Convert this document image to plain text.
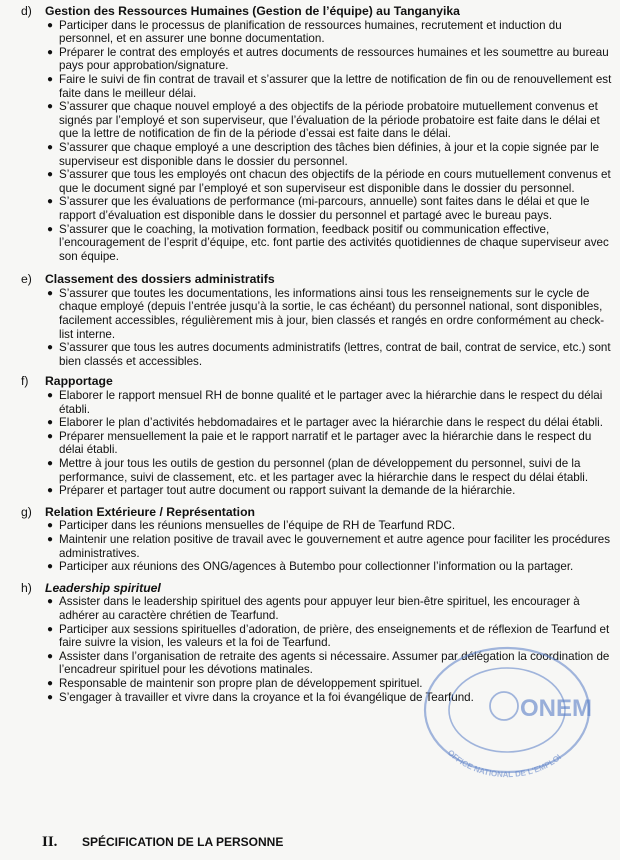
d)	Gestion des Ressources Humaines (Gestion de l’équipe) au Tanganyika
● Participer dans le processus de planification de ressources humaines, recrutement et induction du personnel, et en assurer une bonne documentation.
● Préparer le contrat des employés et autres documents de ressources humaines et les soumettre au bureau pays pour approbation/signature.
● Faire le suivi de fin contrat de travail et s’assurer que la lettre de notification de fin ou de renouvellement est faite dans le meilleur délai.
● S’assurer que chaque nouvel employé a des objectifs de la période probatoire mutuellement convenus et signés par l’employé et son superviseur, que l’évaluation de la période probatoire est faite dans le délai et que la lettre de notification de fin de la période d’essai est faite dans le délai.
● S’assurer que chaque employé a une description des tâches bien définies, à jour et la copie signée par le superviseur est disponible dans le dossier du personnel.
● S’assurer que tous les employés ont chacun des objectifs de la période en cours mutuellement convenus et que le document signé par l’employé et son superviseur est disponible dans le dossier du personnel.
● S’assurer que les évaluations de performance (mi-parcours, annuelle) sont faites dans le délai et que le rapport d’évaluation est disponible dans le dossier du personnel et partagé avec le bureau pays.
● S’assurer que le coaching, la motivation formation, feedback positif ou communication effective, l’encouragement de l’esprit d’équipe, etc. font partie des activités quotidiennes de chaque superviseur avec son équipe.
e)	Classement des dossiers administratifs
● S’assurer que toutes les documentations, les informations ainsi tous les renseignements sur le cycle de chaque employé (depuis l’entrée jusqu’à la sortie, le cas échéant) du personnel national, sont disponibles, facilement accessibles, régulièrement mis à jour, bien classés et rangés en ordre conformément au check-list interne.
● S’assurer que tous les autres documents administratifs (lettres, contrat de bail, contrat de service, etc.) sont bien classés et accessibles.
f)	Rapportage
● Elaborer le rapport mensuel RH de bonne qualité et le partager avec la hiérarchie dans le respect du délai établi.
● Elaborer le plan d’activités hebdomadaires et le partager avec la hiérarchie dans le respect du délai établi.
● Préparer mensuellement la paie et le rapport narratif et le partager avec la hiérarchie dans le respect du délai établi.
● Mettre à jour tous les outils de gestion du personnel (plan de développement du personnel, suivi de la performance, suivi de classement, etc. et les partager avec la hiérarchie dans le respect du délai établi.
● Préparer et partager tout autre document ou rapport suivant la demande de la hiérarchie.
g)	Relation Extérieure / Représentation
● Participer dans les réunions mensuelles de l’équipe de RH de Tearfund RDC.
● Maintenir une relation positive de travail avec le gouvernement et autre agence pour faciliter les procédures administratives.
● Participer aux réunions des ONG/agences à Butembo pour collectionner l’information ou la partager.
h)	Leadership spirituel
● Assister dans le leadership spirituel des agents pour appuyer leur bien-être spirituel, les encourager à adhérer au caractère chrétien de Tearfund.
● Participer aux sessions spirituelles d’adoration, de prière, des enseignements et de réflexion de Tearfund et faire suivre la vision, les valeurs et la foi de Tearfund.
● Assister dans l’organisation de retraite des agents si nécessaire. Assumer par délégation la coordination de l’encadreur spirituel pour les dévotions matinales.
● Responsable de maintenir son propre plan de développement spirituel.
● S’engager à travailler et vivre dans la croyance et la foi évangélique de Tearfund.
II.	SPÉCIFICATION DE LA PERSONNE
ONEM
OFFICE NATIONAL DE L'EMPLOI
